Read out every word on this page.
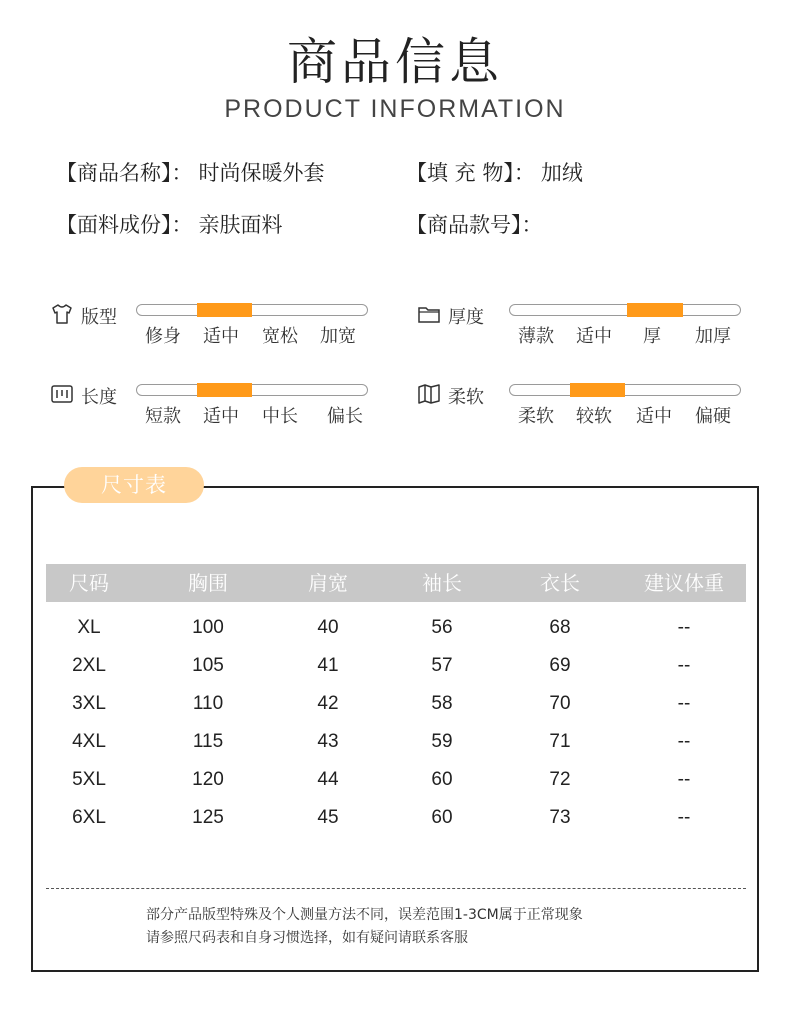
商品信息
PRODUCT INFORMATION
【商品名称】： 时尚保暖外套	【填 充 物】： 加绒
【面料成份】： 亲肤面料	【商品款号】：
版型
修身 适中 宽松 加宽
厚度
薄款 适中 厚 加厚
长度
短款 适中 中长 偏长
柔软
柔软 较软 适中 偏硬
尺寸表
尺码	胸围	肩宽	袖长	衣长	建议体重
XL	100	40	56	68	--
2XL	105	41	57	69	--
3XL	110	42	58	70	--
4XL	115	43	59	71	--
5XL	120	44	60	72	--
6XL	125	45	60	73	--
部分产品版型特殊及个人测量方法不同，误差范围1-3CM属于正常现象
请参照尺码表和自身习惯选择，如有疑问请联系客服
